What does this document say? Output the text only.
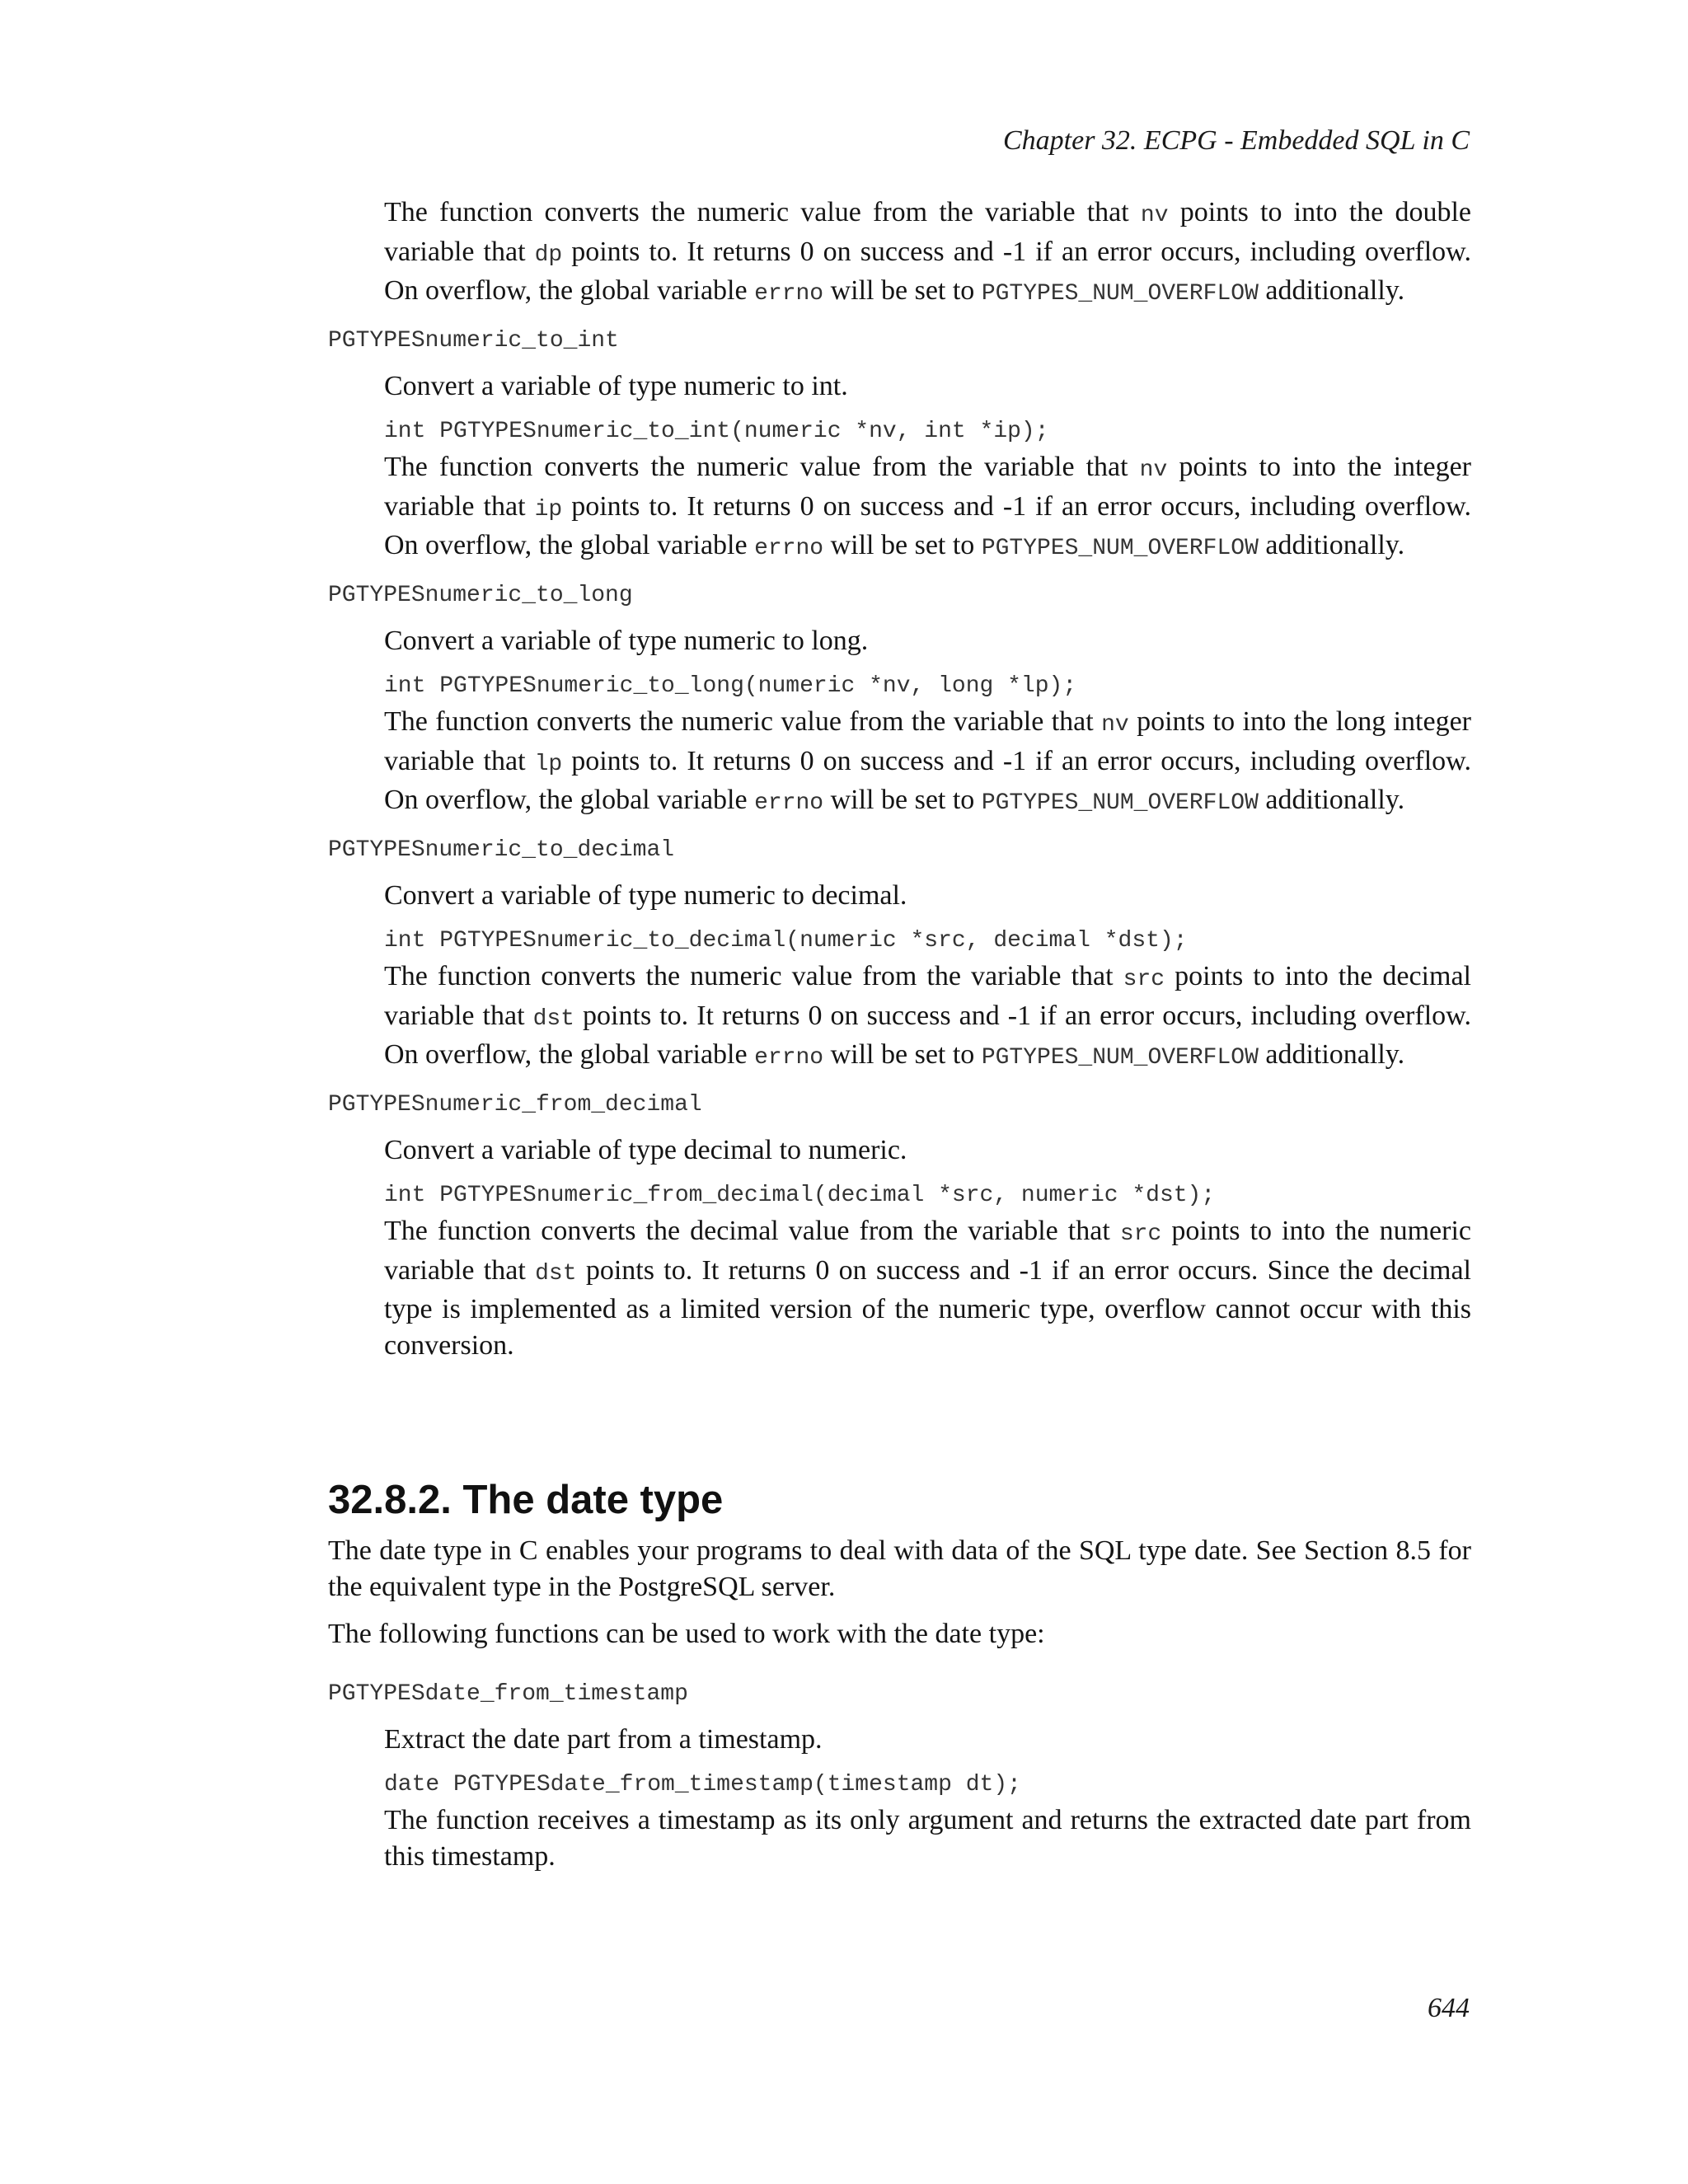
Chapter 32. ECPG - Embedded SQL in C

The function converts the numeric value from the variable that nv points to into the double variable that dp points to. It returns 0 on success and -1 if an error occurs, including overflow. On overflow, the global variable errno will be set to PGTYPES_NUM_OVERFLOW additionally.

PGTYPESnumeric_to_int

Convert a variable of type numeric to int.

int PGTYPESnumeric_to_int(numeric *nv, int *ip);

The function converts the numeric value from the variable that nv points to into the integer variable that ip points to. It returns 0 on success and -1 if an error occurs, including overflow. On overflow, the global variable errno will be set to PGTYPES_NUM_OVERFLOW additionally.

PGTYPESnumeric_to_long

Convert a variable of type numeric to long.

int PGTYPESnumeric_to_long(numeric *nv, long *lp);

The function converts the numeric value from the variable that nv points to into the long integer variable that lp points to. It returns 0 on success and -1 if an error occurs, including overflow. On overflow, the global variable errno will be set to PGTYPES_NUM_OVERFLOW additionally.

PGTYPESnumeric_to_decimal

Convert a variable of type numeric to decimal.

int PGTYPESnumeric_to_decimal(numeric *src, decimal *dst);

The function converts the numeric value from the variable that src points to into the decimal variable that dst points to. It returns 0 on success and -1 if an error occurs, including overflow. On overflow, the global variable errno will be set to PGTYPES_NUM_OVERFLOW additionally.

PGTYPESnumeric_from_decimal

Convert a variable of type decimal to numeric.

int PGTYPESnumeric_from_decimal(decimal *src, numeric *dst);

The function converts the decimal value from the variable that src points to into the numeric variable that dst points to. It returns 0 on success and -1 if an error occurs. Since the decimal type is implemented as a limited version of the numeric type, overflow cannot occur with this conversion.

32.8.2. The date type

The date type in C enables your programs to deal with data of the SQL type date. See Section 8.5 for the equivalent type in the PostgreSQL server.

The following functions can be used to work with the date type:

PGTYPESdate_from_timestamp

Extract the date part from a timestamp.

date PGTYPESdate_from_timestamp(timestamp dt);

The function receives a timestamp as its only argument and returns the extracted date part from this timestamp.

644
